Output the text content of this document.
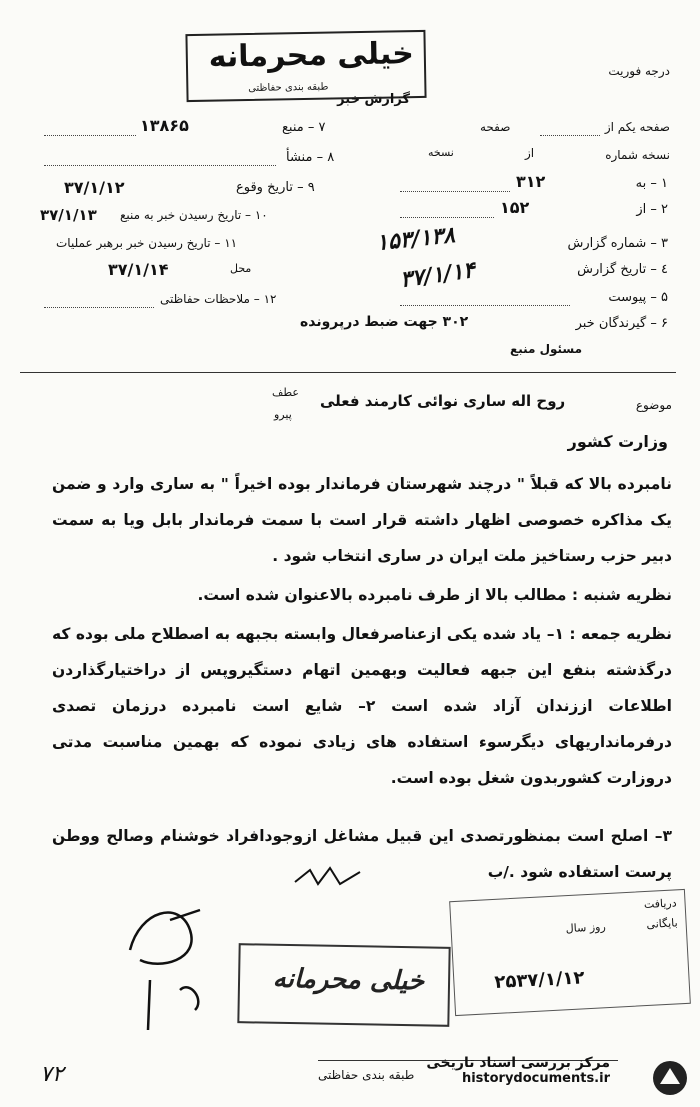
خیلی محرمانه
طبقه بندی حفاظتی
درجه فوریت
گزارش خبر
۷ – منبع
۱۳۸۶۵
۸ – منشأ
۹ – تاریخ وقوع
۳۷/۱/۱۲
۱۰ – تاریخ رسیدن خبر به منبع
۳۷/۱/۱۳
۱۱ – تاریخ رسیدن خبر برهبر عملیات
محل
۳۷/۱/۱۴
۱۲ – ملاحظات حفاظتی
صفحه یکم از
صفحه
نسخه شماره
از
نسخه
۱ – به
۳۱۲
۲ – از
۱۵۲
۳ – شماره گزارش
٤ – تاریخ گزارش
۵ – پیوست
۶ – گیرندگان خبر
۳۰۲ جهت ضبط درپرونده
مسئول منبع
۱۵۳/۱۳۸
۳۷/۱/۱۴
موضوع
روح اله ساری نوائی کارمند فعلی
عطف
پیرو
وزارت کشور
نامبرده بالا که قبلاً " درچند شهرستان فرماندار بوده اخیراً " به ساری وارد و ضمن یک مذاکره خصوصی اظهار داشته قرار است با سمت فرماندار بابل ویا به سمت دبیر حزب رستاخیز ملت ایران در ساری انتخاب شود .
نظریه شنبه : مطالب بالا از طرف نامبرده بالاعنوان شده است.
نظریه جمعه : ۱– یاد شده یکی ازعناصرفعال وابسته بجبهه به اصطلاح ملی بوده که درگذشته بنفع این جبهه فعالیت وبهمین اتهام دستگیروپس از دراختیارگذاردن اطلاعات اززندان آزاد شده است ۲– شایع است نامبرده درزمان تصدی درفرمانداریهای دیگرسوء استفاده های زیادی نموده که بهمین مناسبت مدتی دروزارت کشوربدون شغل بوده است.
۳– اصلح است بمنظورتصدی این قبیل مشاغل ازوجودافراد خوشنام وصالح ووطن پرست استفاده شود ./ب
دریافت
روز سال	بایگانی
۲۵۳۷/۱/۱۲
خیلی محرمانه
۷۲	طبقه بندی حفاظتی
مرکز بررسی اسناد تاریخی
historydocuments.ir
